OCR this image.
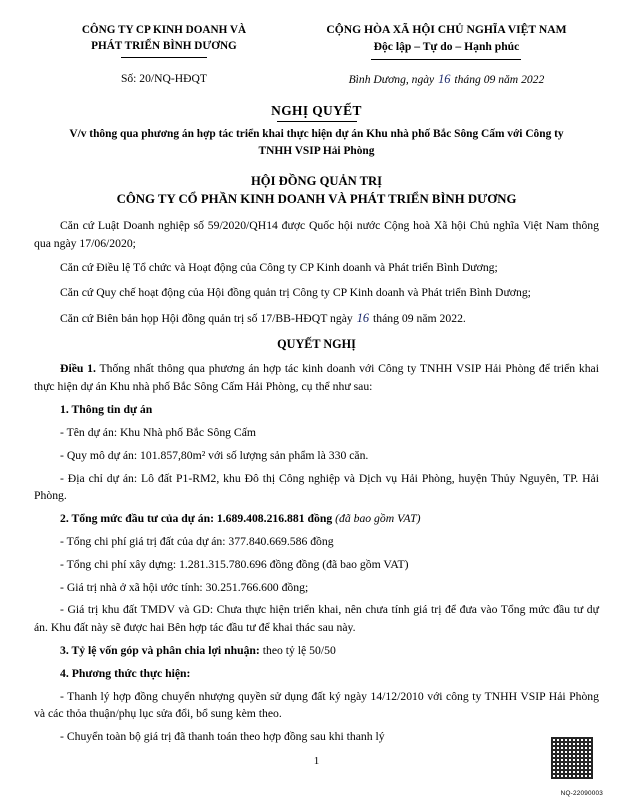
CÔNG TY CP KINH DOANH VÀ
PHÁT TRIỂN BÌNH DƯƠNG
CỘNG HÒA XÃ HỘI CHỦ NGHĨA VIỆT NAM
Độc lập – Tự do – Hạnh phúc
Số: 20/NQ-HĐQT	Bình Dương, ngày 16 tháng 09 năm 2022
NGHỊ QUYẾT
V/v thông qua phương án hợp tác triển khai thực hiện dự án Khu nhà phố Bắc Sông Cấm với Công ty TNHH VSIP Hải Phòng
HỘI ĐỒNG QUẢN TRỊ
CÔNG TY CỔ PHẦN KINH DOANH VÀ PHÁT TRIỂN BÌNH DƯƠNG

Căn cứ Luật Doanh nghiệp số 59/2020/QH14 được Quốc hội nước Cộng hoà Xã hội Chủ nghĩa Việt Nam thông qua ngày 17/06/2020;

Căn cứ Điều lệ Tổ chức và Hoạt động của Công ty CP Kinh doanh và Phát triển Bình Dương;

Căn cứ Quy chế hoạt động của Hội đồng quản trị Công ty CP Kinh doanh và Phát triển Bình Dương;

Căn cứ Biên bản họp Hội đồng quản trị số 17/BB-HĐQT ngày 16 tháng 09 năm 2022.

QUYẾT NGHỊ

Điều 1. Thống nhất thông qua phương án hợp tác kinh doanh với Công ty TNHH VSIP Hải Phòng để triển khai thực hiện dự án Khu nhà phố Bắc Sông Cấm Hải Phòng, cụ thể như sau:

1. Thông tin dự án

- Tên dự án: Khu Nhà phố Bắc Sông Cấm

- Quy mô dự án: 101.857,80m² với số lượng sản phẩm là 330 căn.

- Địa chỉ dự án: Lô đất P1-RM2, khu Đô thị Công nghiệp và Dịch vụ Hải Phòng, huyện Thủy Nguyên, TP. Hải Phòng.

2. Tổng mức đầu tư của dự án: 1.689.408.216.881 đồng (đã bao gồm VAT)

- Tổng chi phí giá trị đất của dự án: 377.840.669.586 đồng

- Tổng chi phí xây dựng: 1.281.315.780.696 đồng đồng (đã bao gồm VAT)

- Giá trị nhà ở xã hội ước tính: 30.251.766.600 đồng;

- Giá trị khu đất TMDV và GD: Chưa thực hiện triển khai, nên chưa tính giá trị để đưa vào Tổng mức đầu tư dự án. Khu đất này sẽ được hai Bên hợp tác đầu tư để khai thác sau này.

3. Tỷ lệ vốn góp và phân chia lợi nhuận: theo tỷ lệ 50/50

4. Phương thức thực hiện:

- Thanh lý hợp đồng chuyển nhượng quyền sử dụng đất ký ngày 14/12/2010 với công ty TNHH VSIP Hải Phòng và các thỏa thuận/phụ lục sửa đổi, bổ sung kèm theo.

- Chuyển toàn bộ giá trị đã thanh toán theo hợp đồng sau khi thanh lý

1
NQ-22090003
